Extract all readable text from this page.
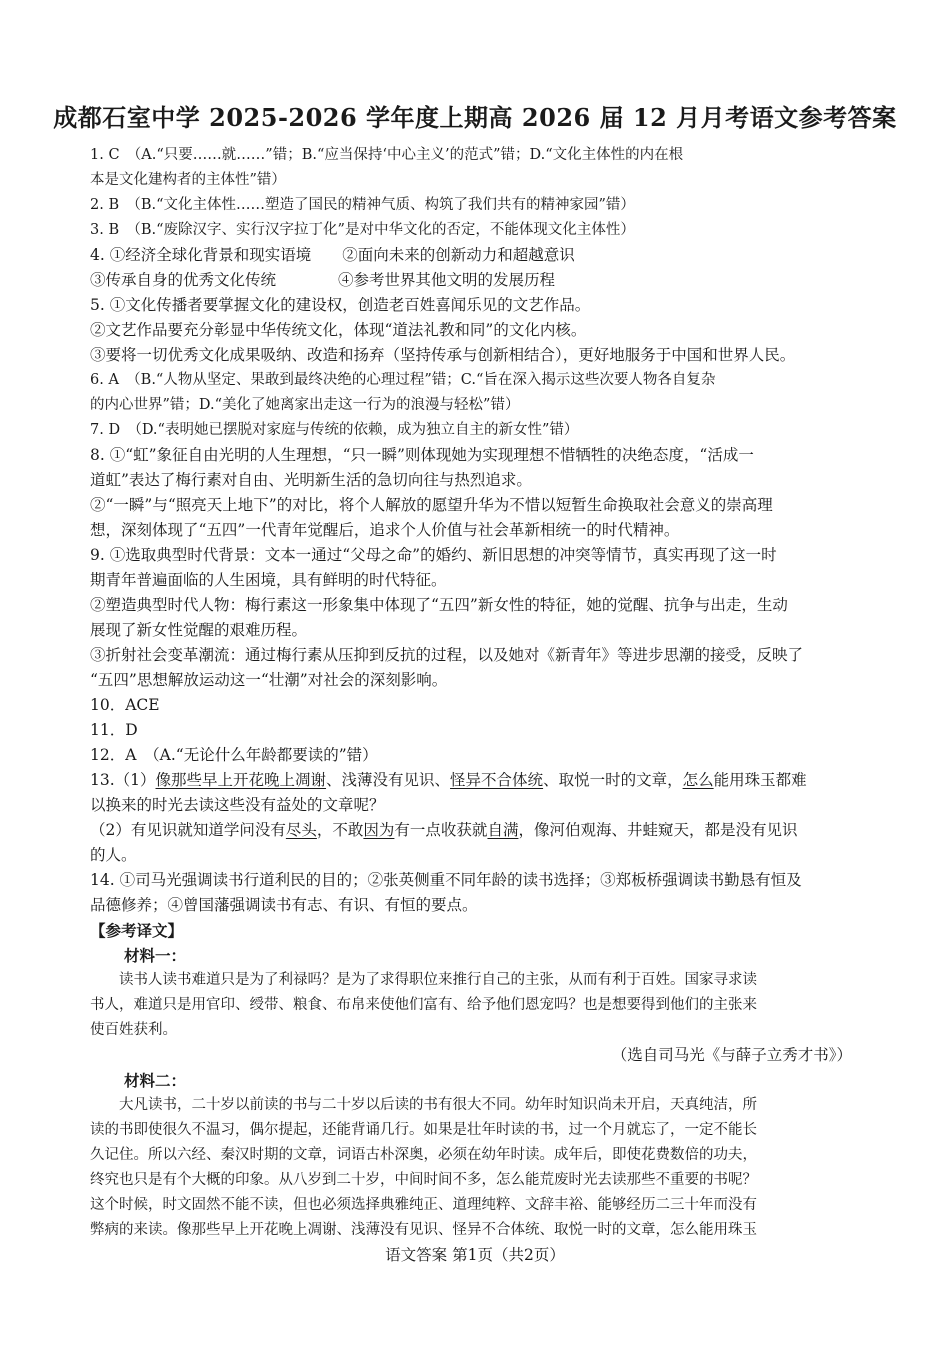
成都石室中学 2025-2026 学年度上期高 2026 届 12 月月考语文参考答案

1. C　（A.“只要……就……”错；B.“应当保持‘中心主义’的范式”错；D.“文化主体性的内在根

本是文化建构者的主体性”错）

2. B　（B.“文化主体性……塑造了国民的精神气质、构筑了我们共有的精神家园”错）

3. B　（B.“废除汉字、实行汉字拉丁化”是对中华文化的否定，不能体现文化主体性）

4. ①经济全球化背景和现实语境　　②面向未来的创新动力和超越意识

③传承自身的优秀文化传统　　　　④参考世界其他文明的发展历程

5. ①文化传播者要掌握文化的建设权，创造老百姓喜闻乐见的文艺作品。

②文艺作品要充分彰显中华传统文化，体现“道法礼教和同”的文化内核。

③要将一切优秀文化成果吸纳、改造和扬弃（坚持传承与创新相结合），更好地服务于中国和世界人民。

6. A　（B.“人物从坚定、果敢到最终决绝的心理过程”错；C.“旨在深入揭示这些次要人物各自复杂

的内心世界”错；D.“美化了她离家出走这一行为的浪漫与轻松”错）

7. D　（D.“表明她已摆脱对家庭与传统的依赖，成为独立自主的新女性”错）

8. ①“虹”象征自由光明的人生理想，“只一瞬”则体现她为实现理想不惜牺牲的决绝态度，“活成一

道虹”表达了梅行素对自由、光明新生活的急切向往与热烈追求。

②“一瞬”与“照亮天上地下”的对比，将个人解放的愿望升华为不惜以短暂生命换取社会意义的崇高理

想，深刻体现了“五四”一代青年觉醒后，追求个人价值与社会革新相统一的时代精神。

9. ①选取典型时代背景：文本一通过“父母之命”的婚约、新旧思想的冲突等情节，真实再现了这一时

期青年普遍面临的人生困境，具有鲜明的时代特征。

②塑造典型时代人物：梅行素这一形象集中体现了“五四”新女性的特征，她的觉醒、抗争与出走，生动

展现了新女性觉醒的艰难历程。

③折射社会变革潮流：通过梅行素从压抑到反抗的过程，以及她对《新青年》等进步思潮的接受，反映了

“五四”思想解放运动这一“壮潮”对社会的深刻影响。

10．ACE

11．D

12．A　（A.“无论什么年龄都要读的”错）

13.（1）像那些早上开花晚上凋谢、浅薄没有见识、怪异不合体统、取悦一时的文章，怎么能用珠玉都难

以换来的时光去读这些没有益处的文章呢？

（2）有见识就知道学问没有尽头，不敢因为有一点收获就自满，像河伯观海、井蛙窥天，都是没有见识

的人。

14. ①司马光强调读书行道利民的目的；②张英侧重不同年龄的读书选择；③郑板桥强调读书勤恳有恒及

品德修养；④曾国藩强调读书有志、有识、有恒的要点。

【参考译文】

材料一：

读书人读书难道只是为了利禄吗？是为了求得职位来推行自己的主张，从而有利于百姓。国家寻求读

书人，难道只是用官印、绶带、粮食、布帛来使他们富有、给予他们恩宠吗？也是想要得到他们的主张来

使百姓获利。

（选自司马光《与薛子立秀才书》）

材料二：

大凡读书，二十岁以前读的书与二十岁以后读的书有很大不同。幼年时知识尚未开启，天真纯洁，所

读的书即使很久不温习，偶尔提起，还能背诵几行。如果是壮年时读的书，过一个月就忘了，一定不能长

久记住。所以六经、秦汉时期的文章，词语古朴深奥，必须在幼年时读。成年后，即使花费数倍的功夫，

终究也只是有个大概的印象。从八岁到二十岁，中间时间不多，怎么能荒废时光去读那些不重要的书呢？

这个时候，时文固然不能不读，但也必须选择典雅纯正、道理纯粹、文辞丰裕、能够经历二三十年而没有

弊病的来读。像那些早上开花晚上凋谢、浅薄没有见识、怪异不合体统、取悦一时的文章，怎么能用珠玉

语文答案 第1页（共2页）
